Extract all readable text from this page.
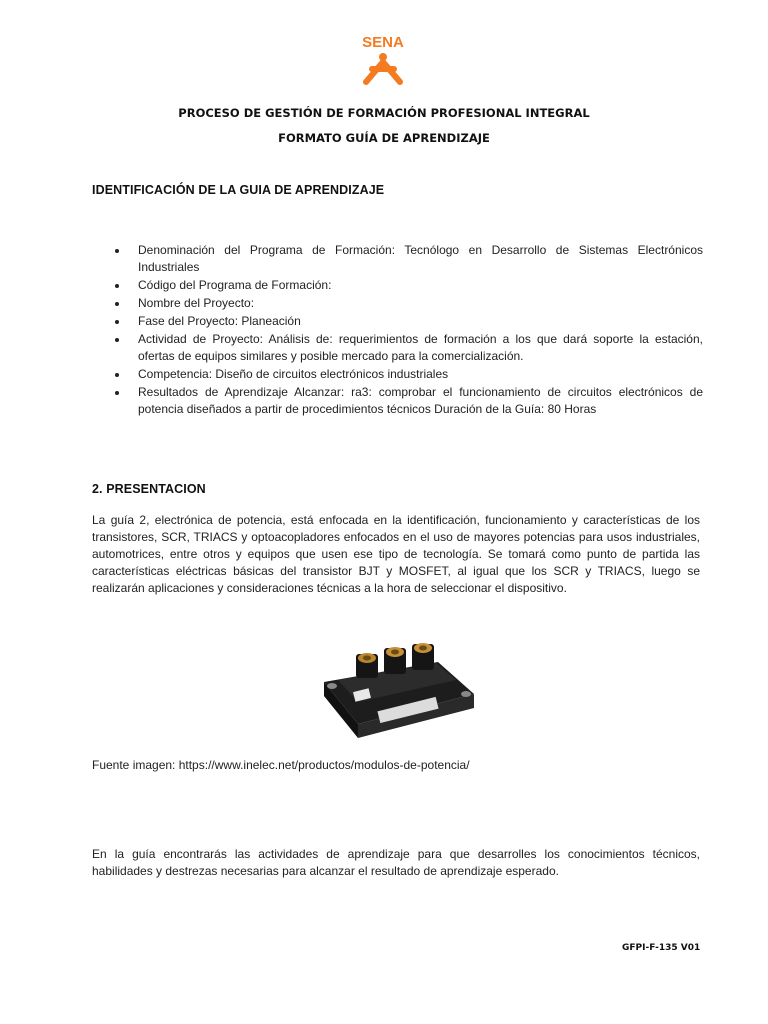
SENA
PROCESO DE GESTIÓN DE FORMACIÓN PROFESIONAL INTEGRAL
FORMATO GUÍA DE APRENDIZAJE
IDENTIFICACIÓN DE LA GUIA DE APRENDIZAJE
Denominación del Programa de Formación: Tecnólogo en Desarrollo de Sistemas Electrónicos Industriales
Código del Programa de Formación:
Nombre del Proyecto:
Fase del Proyecto: Planeación
Actividad de Proyecto: Análisis de: requerimientos de formación a los que dará soporte la estación, ofertas de equipos similares y posible mercado para la comercialización.
Competencia: Diseño de circuitos electrónicos industriales
Resultados de Aprendizaje Alcanzar: ra3: comprobar el funcionamiento de circuitos electrónicos de potencia diseñados a partir de procedimientos técnicos Duración de la Guía: 80 Horas
2. PRESENTACION

La guía 2, electrónica de potencia, está enfocada en la identificación, funcionamiento y características de los transistores, SCR, TRIACS y optoacopladores enfocados en el uso de mayores potencias para usos industriales, automotrices, entre otros y equipos que usen ese tipo de tecnología. Se tomará como punto de partida las características eléctricas básicas del transistor BJT y MOSFET, al igual que los SCR y TRIACS, luego se realizarán aplicaciones y consideraciones técnicas a la hora de seleccionar el dispositivo.

Fuente imagen: https://www.inelec.net/productos/modulos-de-potencia/

En la guía encontrarás las actividades de aprendizaje para que desarrolles los conocimientos técnicos, habilidades y destrezas necesarias para alcanzar el resultado de aprendizaje esperado.

GFPI-F-135 V01
